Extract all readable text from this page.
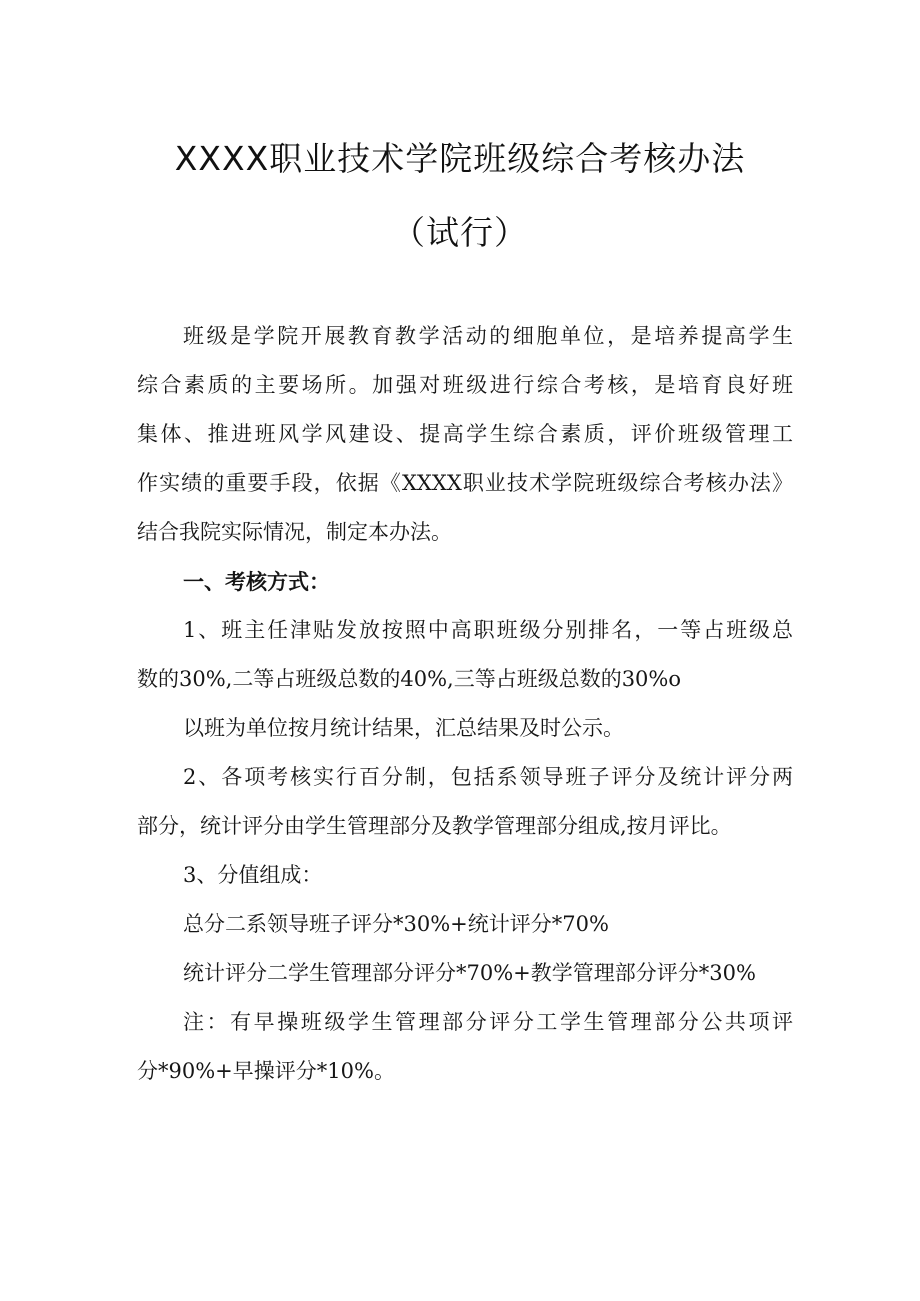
XXXX职业技术学院班级综合考核办法
（试行）
班级是学院开展教育教学活动的细胞单位，是培养提高学生
综合素质的主要场所。加强对班级进行综合考核，是培育良好班
集体、推进班风学风建设、提高学生综合素质，评价班级管理工
作实绩的重要手段，依据《XXXX职业技术学院班级综合考核办法》
结合我院实际情况，制定本办法。
一、考核方式：
1、班主任津贴发放按照中高职班级分别排名，一等占班级总
数的30%,二等占班级总数的40%,三等占班级总数的30%o
以班为单位按月统计结果，汇总结果及时公示。
2、各项考核实行百分制，包括系领导班子评分及统计评分两
部分，统计评分由学生管理部分及教学管理部分组成,按月评比。
3、分值组成：
总分二系领导班子评分*30%+统计评分*70%
统计评分二学生管理部分评分*70%+教学管理部分评分*30%
注：有早操班级学生管理部分评分工学生管理部分公共项评
分*90%+早操评分*10%。
